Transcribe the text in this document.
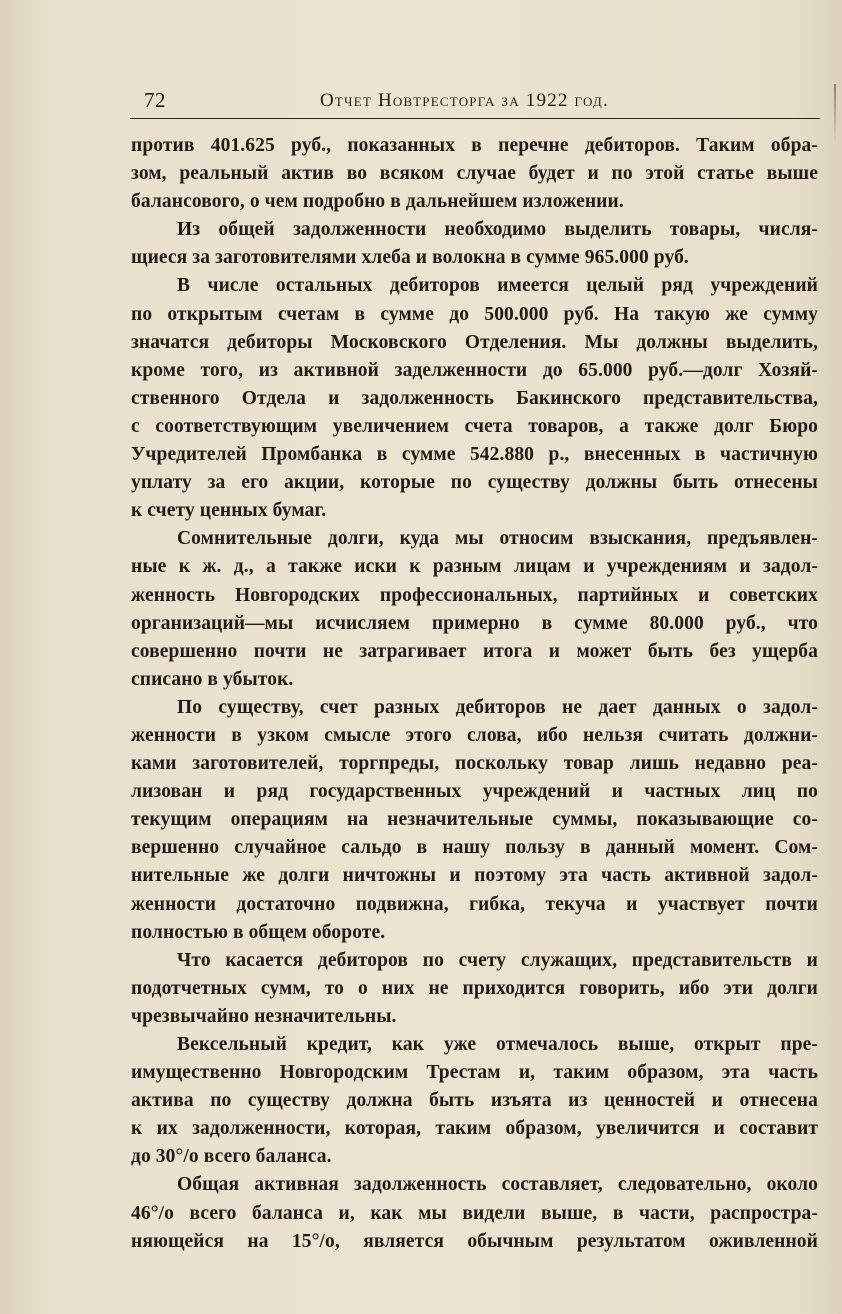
72	Отчет Новтресторга за 1922 год.
против 401.625 руб., показанных в перечне дебиторов. Таким обра-
зом, реальный актив во всяком случае будет и по этой статье выше
балансового, о чем подробно в дальнейшем изложении.
Из общей задолженности необходимо выделить товары, числя-
щиеся за заготовителями хлеба и волокна в сумме 965.000 руб.
В числе остальных дебиторов имеется целый ряд учреждений
по открытым счетам в сумме до 500.000 руб. На такую же сумму
значатся дебиторы Московского Отделения. Мы должны выделить,
кроме того, из активной заделженности до 65.000 руб.—долг Хозяй-
ственного Отдела и задолженность Бакинского представительства,
с соответствующим увеличением счета товаров, а также долг Бюро
Учредителей Промбанка в сумме 542.880 р., внесенных в частичную
уплату за его акции, которые по существу должны быть отнесены
к счету ценных бумаг.
Сомнительные долги, куда мы относим взыскания, предъявлен-
ные к ж. д., а также иски к разным лицам и учреждениям и задол-
женность Новгородских профессиональных, партийных и советских
организаций—мы исчисляем примерно в сумме 80.000 руб., что
совершенно почти не затрагивает итога и может быть без ущерба
списано в убыток.
По существу, счет разных дебиторов не дает данных о задол-
женности в узком смысле этого слова, ибо нельзя считать должни-
ками заготовителей, торгпреды, поскольку товар лишь недавно реа-
лизован и ряд государственных учреждений и частных лиц по
текущим операциям на незначительные суммы, показывающие со-
вершенно случайное сальдо в нашу пользу в данный момент. Сом-
нительные же долги ничтожны и поэтому эта часть активной задол-
женности достаточно подвижна, гибка, текуча и участвует почти
полностью в общем обороте.
Что касается дебиторов по счету служащих, представительств и
подотчетных сумм, то о них не приходится говорить, ибо эти долги
чрезвычайно незначительны.
Вексельный кредит, как уже отмечалось выше, открыт пре-
имущественно Новгородским Трестам и, таким образом, эта часть
актива по существу должна быть изъята из ценностей и отнесена
к их задолженности, которая, таким образом, увеличится и составит
до 30°/o всего баланса.
Общая активная задолженность составляет, следовательно, около
46°/o всего баланса и, как мы видели выше, в части, распростра-
няющейся на 15°/o, является обычным результатом оживленной
